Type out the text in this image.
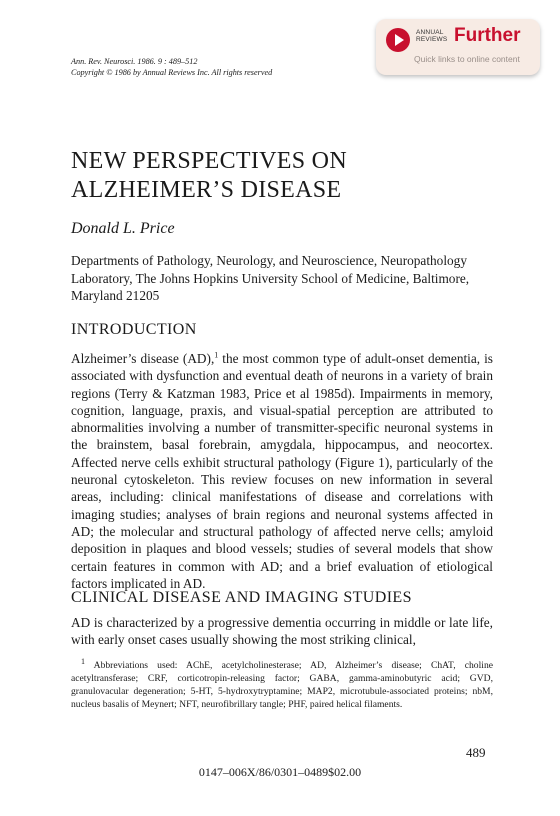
Ann. Rev. Neurosci. 1986. 9 : 489–512
Copyright © 1986 by Annual Reviews Inc. All rights reserved
ANNUAL
REVIEWS Further
Quick links to online content
NEW PERSPECTIVES ON
ALZHEIMER’S DISEASE
Donald L. Price
Departments of Pathology, Neurology, and Neuroscience, Neuropathology Laboratory, The Johns Hopkins University School of Medicine, Baltimore, Maryland 21205
INTRODUCTION
Alzheimer’s disease (AD),$^1$ the most common type of adult-onset dementia, is associated with dysfunction and eventual death of neurons in a variety of brain regions (Terry & Katzman 1983, Price et al 1985d). Impairments in memory, cognition, language, praxis, and visual-spatial perception are attributed to abnormalities involving a number of transmitter-specific neuronal systems in the brainstem, basal forebrain, amygdala, hippocampus, and neocortex. Affected nerve cells exhibit structural pathology (Figure 1), particularly of the neuronal cytoskeleton. This review focuses on new information in several areas, including: clinical manifestations of disease and correlations with imaging studies; analyses of brain regions and neuronal systems affected in AD; the molecular and structural pathology of affected nerve cells; amyloid deposition in plaques and blood vessels; studies of several models that show certain features in common with AD; and a brief evaluation of etiological factors implicated in AD.
CLINICAL DISEASE AND IMAGING STUDIES
AD is characterized by a progressive dementia occurring in middle or late life, with early onset cases usually showing the most striking clinical,
$^1$ Abbreviations used: AChE, acetylcholinesterase; AD, Alzheimer’s disease; ChAT, choline acetyltransferase; CRF, corticotropin-releasing factor; GABA, gamma-aminobutyric acid; GVD, granulovacular degeneration; 5-HT, 5-hydroxytryptamine; MAP2, microtubule-associated proteins; nbM, nucleus basalis of Meynert; NFT, neurofibrillary tangle; PHF, paired helical filaments.
489
0147–006X/86/0301–0489$02.00
